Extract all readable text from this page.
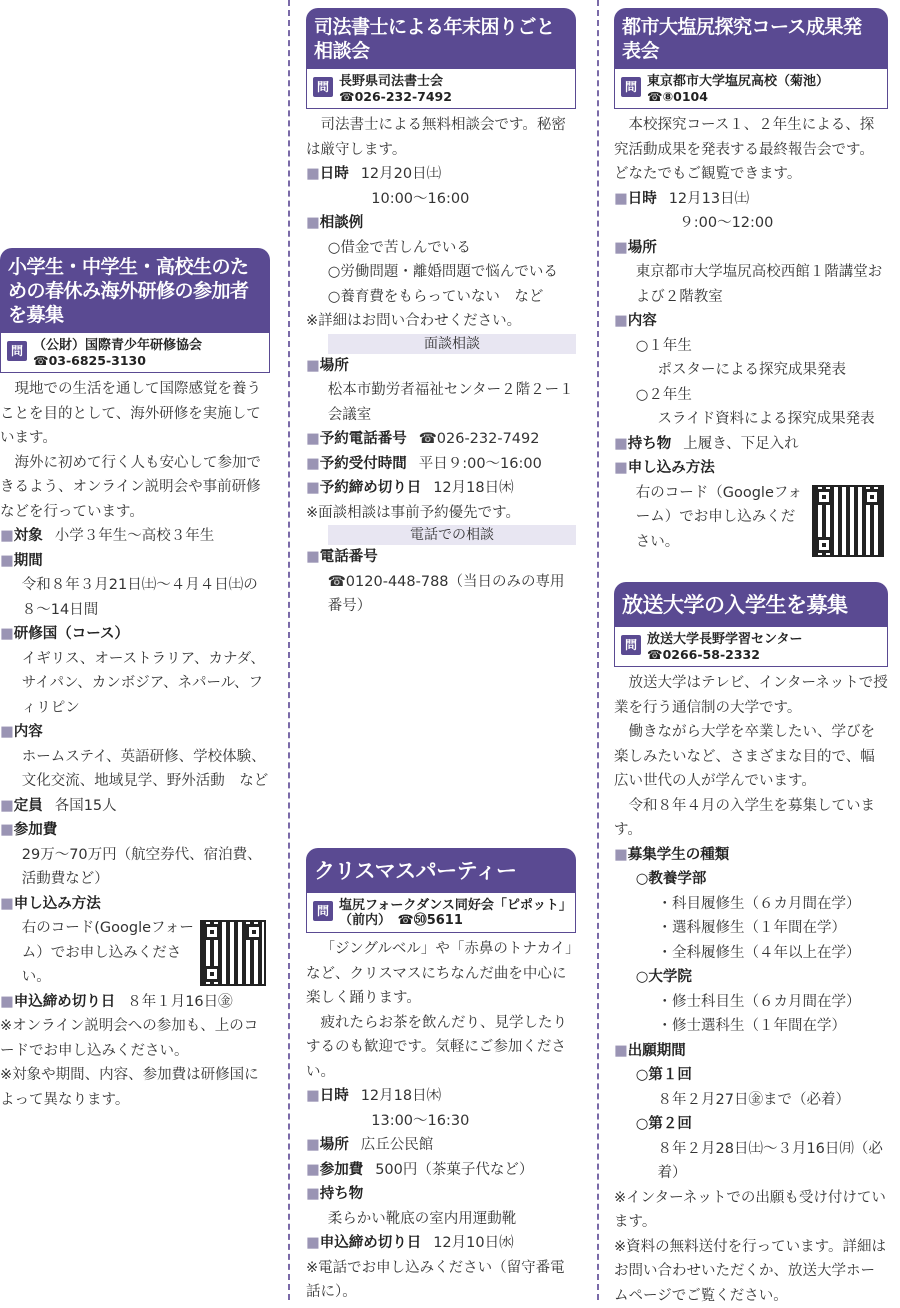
小学生・中学生・高校生のための春休み海外研修の参加者を募集
問 （公財）国際青少年研修協会
☎03-6825-3130

現地での生活を通して国際感覚を養うことを目的として、海外研修を実施しています。

海外に初めて行く人も安心して参加できるよう、オンライン説明会や事前研修などを行っています。

■ 対象 小学３年生〜高校３年生
■ 期間
令和８年３月21日㈯〜４月４日㈯の８〜14日間
■ 研修国（コース）
イギリス、オーストラリア、カナダ、サイパン、カンボジア、ネパール、フィリピン
■ 内容
ホームステイ、英語研修、学校体験、文化交流、地域見学、野外活動　など
■ 定員 各国15人
■ 参加費
29万〜70万円（航空券代、宿泊費、活動費など）
■ 申し込み方法
右のコード(Googleフォーム）でお申し込みください。
■ 申込締め切り日 ８年１月16日㊎

※オンライン説明会への参加も、上のコードでお申し込みください。

※対象や期間、内容、参加費は研修国によって異なります。

司法書士による年末困りごと相談会
問 長野県司法書士会
☎026-232-7492

司法書士による無料相談会です。秘密は厳守します。

■ 日時 12月20日㈯
10:00〜16:00
■ 相談例
○借金で苦しんでいる
○労働問題・離婚問題で悩んでいる
○養育費をもらっていない　など

※詳細はお問い合わせください。

面談相談
■ 場所
松本市勤労者福祉センター２階２ー１会議室
■ 予約電話番号 ☎026-232-7492
■ 予約受付時間 平日９:00〜16:00
■ 予約締め切り日 12月18日㈭

※面談相談は事前予約優先です。

電話での相談
■ 電話番号
☎0120-448-788（当日のみの専用番号）
クリスマスパーティー
問 塩尻フォークダンス同好会「ピポット」（前内）　☎㊿5611

「ジングルベル」や「赤鼻のトナカイ」など、クリスマスにちなんだ曲を中心に楽しく踊ります。

疲れたらお茶を飲んだり、見学したりするのも歓迎です。気軽にご参加ください。

■ 日時 12月18日㈭
13:00〜16:30
■ 場所 広丘公民館
■ 参加費 500円（茶菓子代など）
■ 持ち物
柔らかい靴底の室内用運動靴
■ 申込締め切り日 12月10日㈬

※電話でお申し込みください（留守番電話に）。

都市大塩尻探究コース成果発表会
問 東京都市大学塩尻高校（菊池）
☎⑧0104

本校探究コース１、２年生による、探究活動成果を発表する最終報告会です。どなたでもご観覧できます。

■ 日時 12月13日㈯
９:00〜12:00
■ 場所
東京都市大学塩尻高校西館１階講堂および２階教室
■ 内容
○１年生
ポスターによる探究成果発表
○２年生
スライド資料による探究成果発表
■ 持ち物 上履き、下足入れ
■ 申し込み方法
右のコード（Googleフォーム）でお申し込みください。
放送大学の入学生を募集
問 放送大学長野学習センター
☎0266-58-2332

放送大学はテレビ、インターネットで授業を行う通信制の大学です。

働きながら大学を卒業したい、学びを楽しみたいなど、さまざまな目的で、幅広い世代の人が学んでいます。

令和８年４月の入学生を募集しています。

■ 募集学生の種類
○教養学部
・科目履修生（６カ月間在学）
・選科履修生（１年間在学）
・全科履修生（４年以上在学）
○大学院
・修士科目生（６カ月間在学）
・修士選科生（１年間在学）
■ 出願期間
○第１回
８年２月27日㊎まで（必着）
○第２回
８年２月28日㈯〜３月16日㈪（必着）

※インターネットでの出願も受け付けています。

※資料の無料送付を行っています。詳細はお問い合わせいただくか、放送大学ホームページでご覧ください。
